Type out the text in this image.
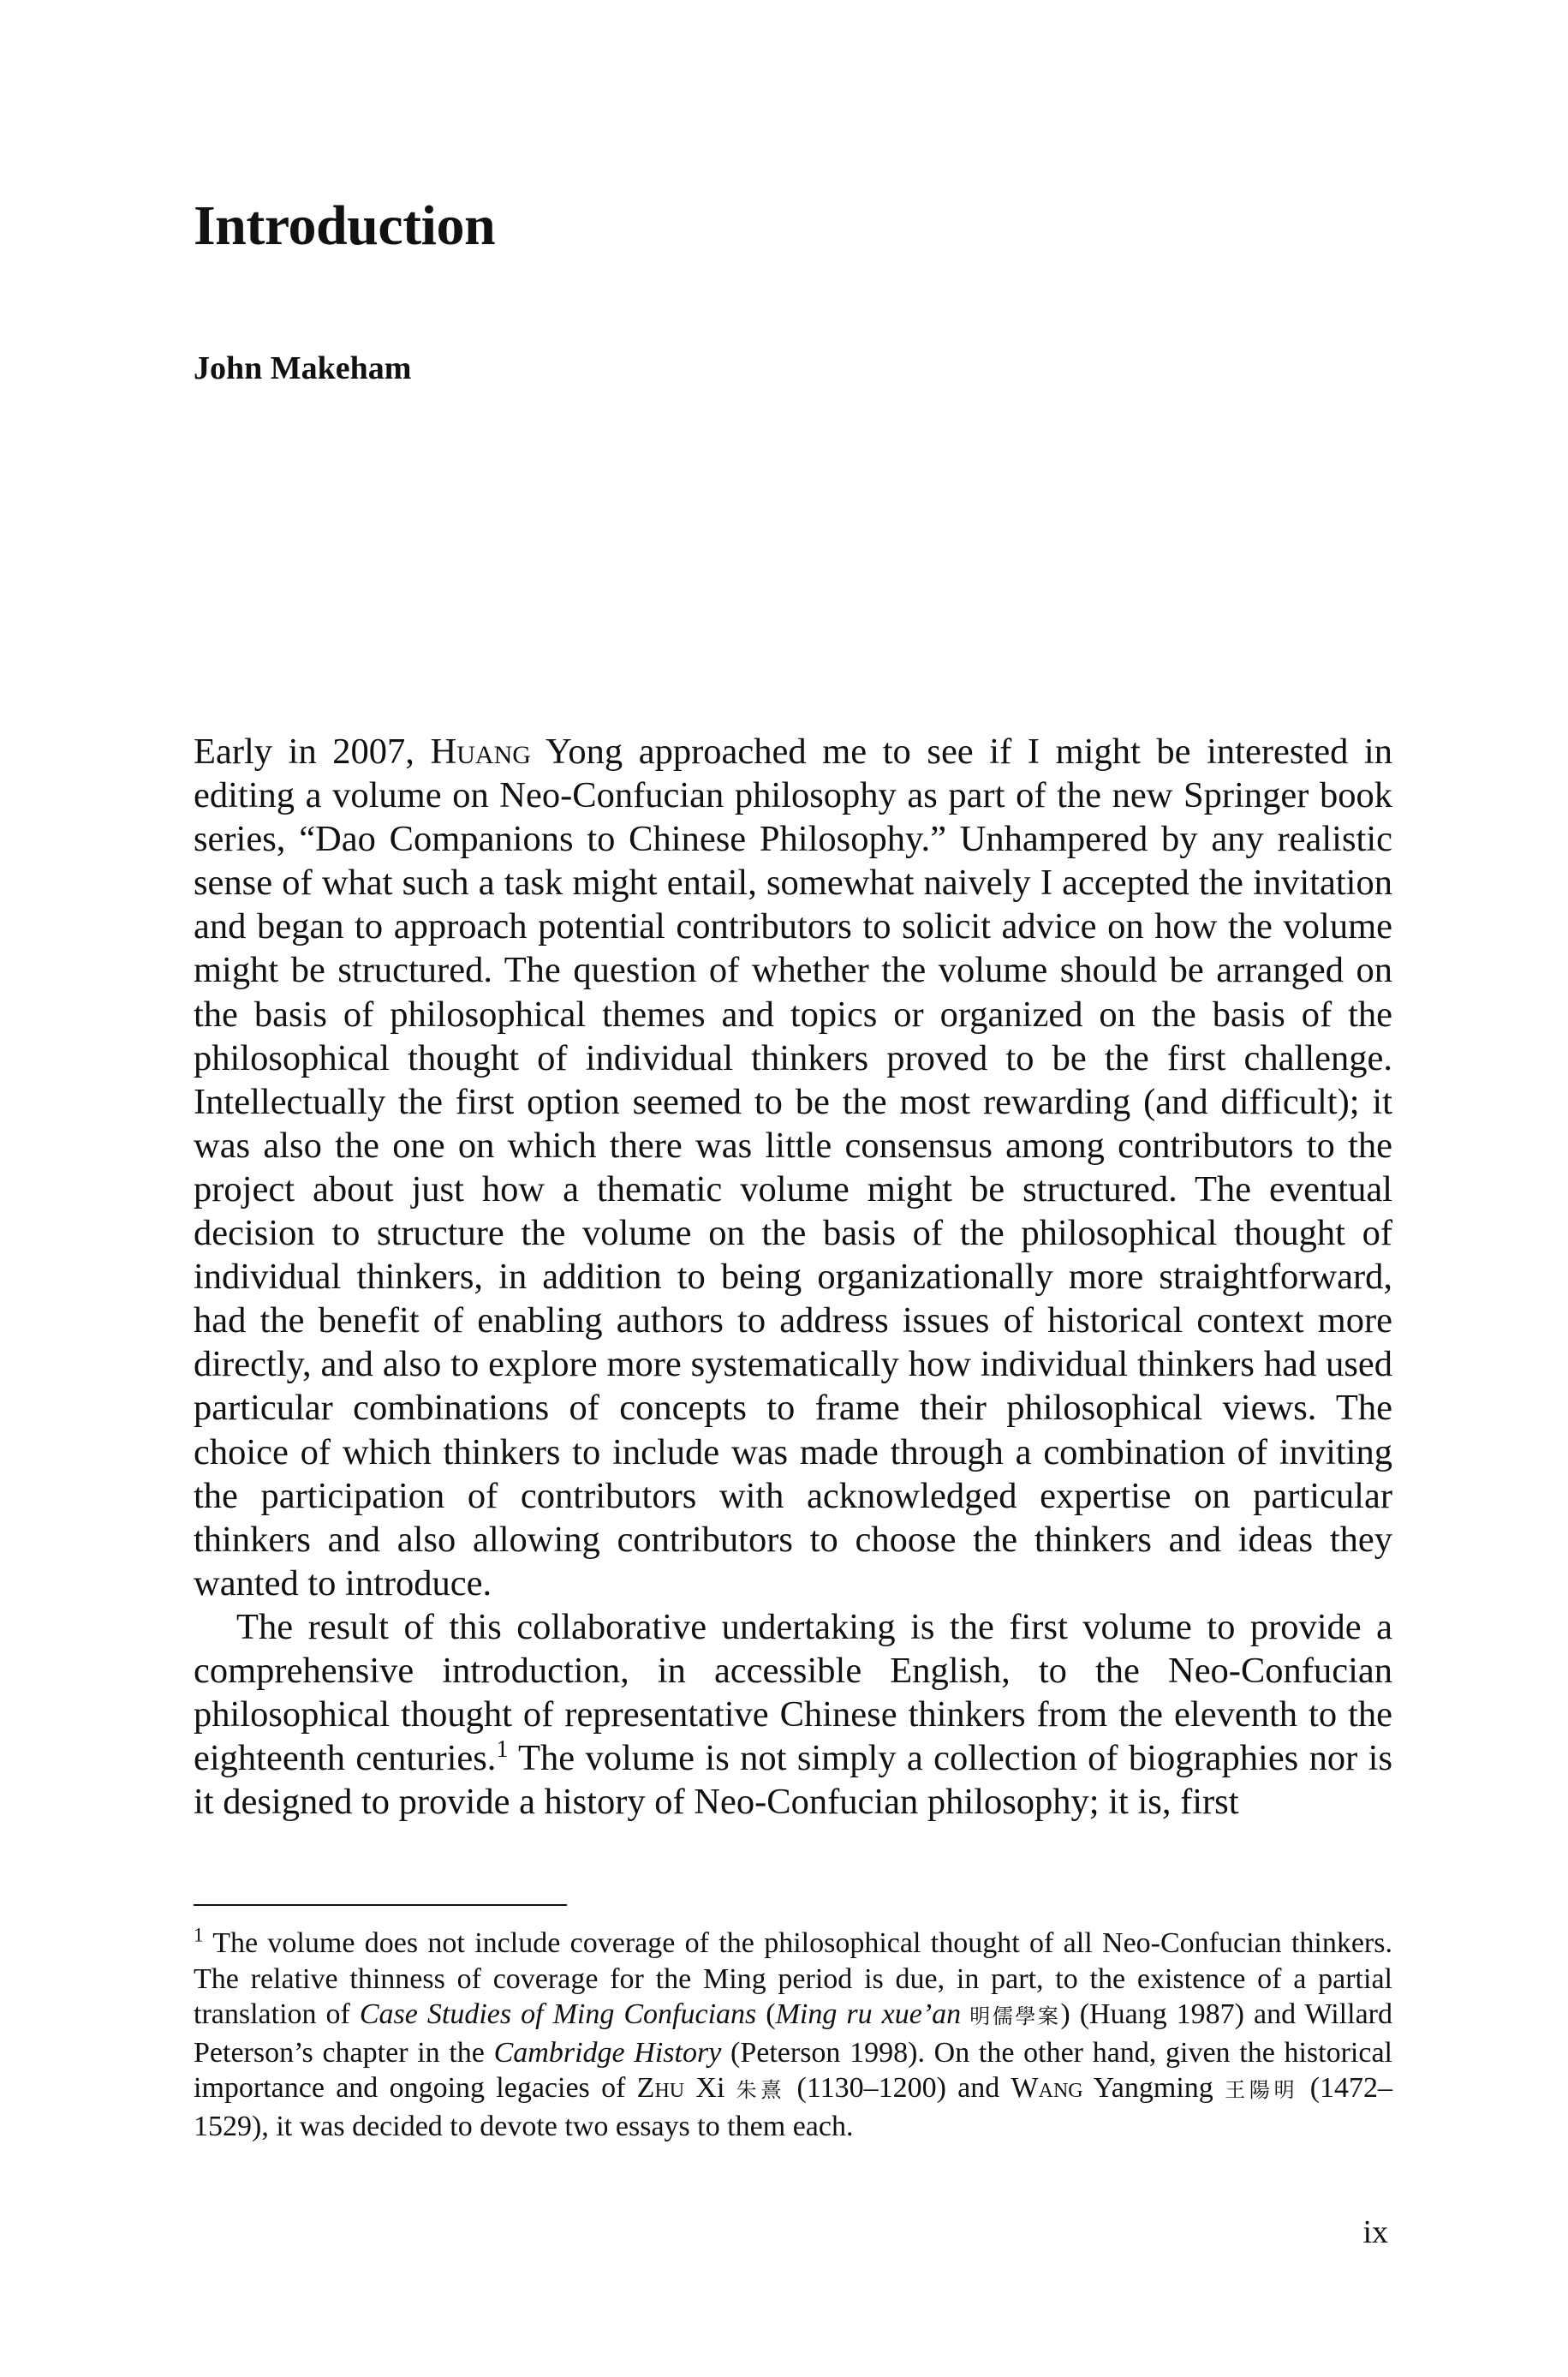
Introduction

John Makeham

Early in 2007, Huang Yong approached me to see if I might be interested in editing a volume on Neo-Confucian philosophy as part of the new Springer book series, “Dao Companions to Chinese Philosophy.” Unhampered by any realistic sense of what such a task might entail, somewhat naively I accepted the invitation and began to approach potential contributors to solicit advice on how the volume might be structured. The question of whether the volume should be arranged on the basis of philosophical themes and topics or organized on the basis of the philosophical thought of individual thinkers proved to be the first challenge. Intellectually the first option seemed to be the most rewarding (and difficult); it was also the one on which there was little consensus among contributors to the project about just how a thematic volume might be structured. The eventual decision to structure the volume on the basis of the philosophical thought of individual thinkers, in addition to being organizationally more straightforward, had the benefit of enabling authors to address issues of historical context more directly, and also to explore more systematically how individual thinkers had used particular combinations of concepts to frame their philosophical views. The choice of which thinkers to include was made through a combination of inviting the participation of contributors with acknowledged expertise on particular thinkers and also allowing contributors to choose the thinkers and ideas they wanted to introduce.

The result of this collaborative undertaking is the first volume to provide a comprehensive introduction, in accessible English, to the Neo-Confucian philosophical thought of representative Chinese thinkers from the eleventh to the eighteenth centuries.$^1$ The volume is not simply a collection of biographies nor is it designed to provide a history of Neo-Confucian philosophy; it is, first

$^1$ The volume does not include coverage of the philosophical thought of all Neo-Confucian thinkers. The relative thinness of coverage for the Ming period is due, in part, to the existence of a partial translation of Case Studies of Ming Confucians (Ming ru xue’an 明儒學案) (Huang 1987) and Willard Peterson’s chapter in the Cambridge History (Peterson 1998). On the other hand, given the historical importance and ongoing legacies of Zhu Xi 朱熹 (1130–1200) and Wang Yangming 王陽明 (1472–1529), it was decided to devote two essays to them each.

ix
